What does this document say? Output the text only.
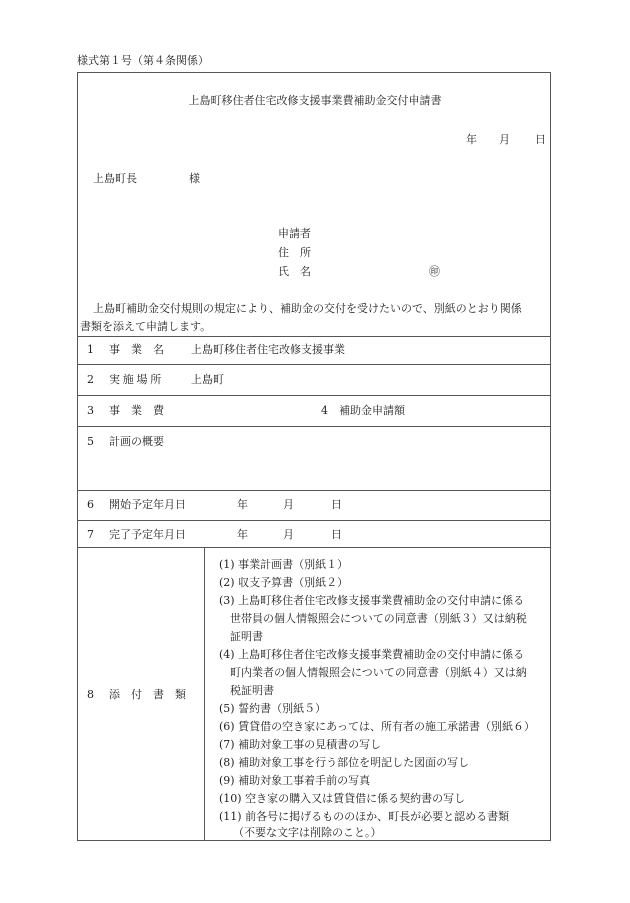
様式第１号（第４条関係）
上島町移住者住宅改修支援事業費補助金交付申請書
年 月 日
上島町長	様
申請者
住　所
氏　名	㊞
上島町補助金交付規則の規定により、補助金の交付を受けたいので、別紙のとおり関係
書類を添えて申請します。
1 事　業　名 上島町移住者住宅改修支援事業
2 実施場所 上島町
3 事　業　費	4　補助金申請額
5 計画の概要
6 開始予定年月日	年	月	日
7 完了予定年月日	年	月	日
8 添　付　書　類
(1) 事業計画書（別紙１）
(2) 収支予算書（別紙２）
(3) 上島町移住者住宅改修支援事業費補助金の交付申請に係る
世帯員の個人情報照会についての同意書（別紙３）又は納税
証明書
(4) 上島町移住者住宅改修支援事業費補助金の交付申請に係る
町内業者の個人情報照会についての同意書（別紙４）又は納
税証明書
(5) 誓約書（別紙５）
(6) 賃貸借の空き家にあっては、所有者の施工承諾書（別紙６）
(7) 補助対象工事の見積書の写し
(8) 補助対象工事を行う部位を明記した図面の写し
(9) 補助対象工事着手前の写真
(10) 空き家の購入又は賃貸借に係る契約書の写し
(11) 前各号に掲げるもののほか、町長が必要と認める書類
（不要な文字は削除のこと。）
